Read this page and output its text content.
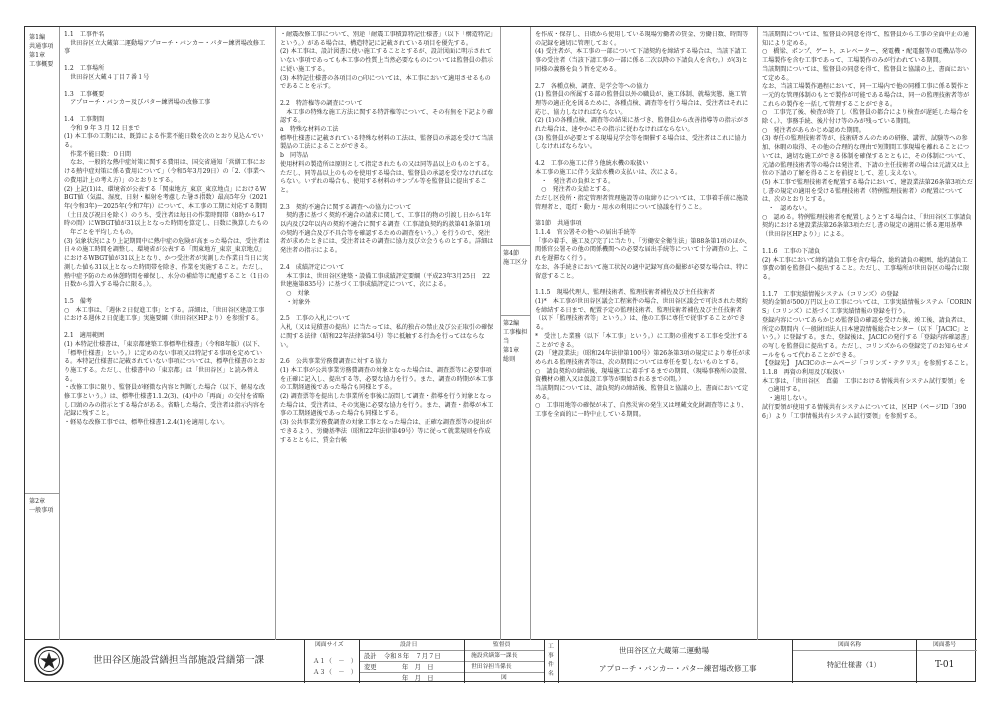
第1編
共通事項
第1章
工事概要
第2章
一般事項
第4節
施工区分
第2編
工事権担
当
第1章
総則
1.1　工事件名
　世田谷区立大蔵第二運動場アプローチ・バンカー・パター練習場改修工事
1.2　工事場所
　世田谷区大蔵４丁目７番１号
1.3　工事概要
　アプローチ・バンカー及びパター練習場の改修工事
1.4　工事期間
　令和 9 年 3 月 12 日まで
(1) 本工事の工期には、既算による作業不能日数を次のとおり見込んでいる。
　作業不能日数：０日間
　なお、一般的な熱中症対策に関する費用は、国交省通知「営繕工事における熱中症対策に係る費用について」（令和5年3月29日）の「2.（事業への費用計上の考え方）」のとおりとする。
(2) 上記(1)は、環境省が公表する「関東地方_東京_東京地点」におけるWBGT値（気温、湿度、日射・輻射を考慮した暑さ指数）最高5年分（2021年(令和3年)～2025年(令和7年)）について、本工事の工期に対応する期間（土日及び祝日を除く）のうち、受注者は毎日の作業時間帯（8時から17時の間）にWBGT値が31以上となった時間を算定し、日数に換算したもの
　年ごとを平均したもの。
(3) 気象状況により上記期間中に熱中症の危険が高まった場合は、受注者は日々の施工時間を調整し、環境省が公表する「関東地方_東京_東京地点」におけるWBGT値が31以上となり、かつ受注者が実測した作業日当日に実測した値も31以上となった時間帯を除き、作業を実施すること。ただし、熱中症予防のため休憩時間を確保し、水分の補給等に配慮すること（1日の日数から算入する場合に限る。）。
1.5　備考
○　本工事は、「週休２日促進工事」とする。詳細は、「世田谷区建設工事における週休２日促進工事」実施要綱（世田谷区HPより）を参照する。
2.1　適用範囲
(1) 本特記仕様書は、「東京都建築工事標準仕様書」（令和8年版）(以下、「標準仕様書」という。）に定めのない事項又は特記する事項を定めている。本特記仕様書に記載されていない事項については、標準仕様書のとおり施工する。ただし、仕様書中の「東京都」は「世田谷区」と読み替える。
・改修工事に限り、監督員が軽微な内容と判断した場合（以下、軽易な改修工事という。）は、標準仕様書1.1.2(3)、(4)中の「再面」の交付を省略し口頭のみの指示とする場合がある。省略した場合、受注者は指示内容を記録に残すこと。
・軽易な改修工事では、標準仕様書1.2.4(1)を適用しない。
・耐震改修工事について、別途「耐震工事積算特記仕様書」（以下「構造特記」という。）がある場合は、構造特記に記載されている項目を優先する。
(2) 本工事は、設計図書に使い施工することとするが、設計図面に明示されていない事項であっても本工事の性質上当然必要なものについては監督員の指示に従い施工する。
(3) 本特記仕様書の各項目の○印については、本工事において適用させるものであることを示す。
2.2　特許権等の調査について
　本工事の特殊な施工方法に関する特許権等について、その有無を下記より確認する。
a　特殊な材料の工法
標準仕様書に記載されている特殊な材料の工法は、監督員の承認を受けて当該製品の工法によることができる。
b　同等品
使用材料の製造所は原則として指定されたもの又は同等品以上のものとする。ただし、同等品以上のものを使用する場合は、監督員の承認を受けなければならない。いずれの場合も、使用する材料のサンプル等を監督員に提出すること。
2.3　契約不適合に関する調査への協力について
　契約書に基づく契約不適合の請求に関して、工事目的物の引渡し日から1年以内及び2年以内の契約不適合に関する調査（工事請負契約約款第41条第1項の契約不適合及び不具合等を確認するための調査をいう。）を行うので、発注者が求めたときには、受注者はその調査に協力及び立会うものとする。詳細は発注者の指示による。
2.4　成績評定について
　本工事は、世田谷区建築・設備工事成績評定要綱（平成23年3月25日　22世建施第835号）に基づく工事成績評定について、次による。
　○　対象
　・対象外
2.5　工事の入札について
入札（又は見積書の提出）に当たっては、私的独占の禁止及び公正取引の確保に関する法律（昭和22年法律第54号）等に抵触する行為を行ってはならない。
2.6　公共事業労務費調査に対する協力
(1) 本工事が公共事業労務費調査の対象となった場合は、調査票等に必要事項を正確に記入し、提出する等、必要な協力を行う。また、調査の時期が本工事の工期経過後であった場合も同様とする。
(2) 調査票等を提出した事業所を事後に訪問して調査・指導を行う対象となった場合は、受注者は、その実施に必要な協力を行う。また、調査・指導が本工事の工期経過後であった場合も同様とする。
(3) 公共事業労務費調査の対象工事となった場合は、正確な調査票等の提出ができるよう、労働基準法（昭和22年法律第49号）等に従って就業規則を作成するとともに、賃金台帳
を作成・保存し、日頃から使用している現場労働者の賃金、労働日数、時間等の記録を適切に管理しておく。
(4) 受注者が、本工事の一部について下請契約を締結する場合は、当該下請工事の受注者（当該下請工事の一部に係る二次以降の下請負人を含む。）が(3)と同様の義務を負う旨を定める。
2.7　各種点検、調査、是学会等への協力
(1) 監督員の所属する部の監督員以外の職員が、施工体制、就場実態、施工管理等の適正化を図るために、各種点検、調査等を行う場合は、受注者はそれに応じ、協力しなければならない。
(2) (1)の各種点検、調査等の結果に基づき、監督員から改善指導等の指示がされた場合は、速やかにその指示に従わなければならない。
(3) 監督員が必要とする現場見学会等を開催する場合は、受注者はこれに協力しなければならない。
4.2　工事の施工に伴う他統水機の取扱い
本工事の施工に伴う支給水機の支払いは、次による。
　・　発注者の負担とする。
　○　発注者の支給とする。
ただし区役所・指定管理者管理施設等の取締りについては、工事着手前に施設管理者と、電灯・動力・用水の利用について協議を行うこと。
第1節　共通事項
1.1.4　官公署その他への届出手続等
「事の着手、施工及び完了に当たり、「労働安全衛生法」第88条第1項のほか、関係官公署その他の関係機関への必要な届出手続等について十分調査の上、これを遅滞なく行う。
なお、各手続きにおいて施工状況の適中記録写真の撮影が必要な場合は、特に留意すること。
1.1.5　現場代理人、監理技術者、監理技術者補佐及び主任技術者
(1)*　本工事が世田谷区議会工程案件の場合、世田谷区議会で可決された契約を締結する日まで、配置予定の監理技術者、監理技術者補佐及び主任技術者（以下「監理技術者等」という。）は、他の工事に専任で従事することができる。
*　受注した業務（以下「本工事」という。）に工期の重複する工事を受注することができる。
(2) 「建設業法」（昭和24年法律第100号）第26条第3項の規定により専任が求められる監理技術者等は、次の期間については専任を要しないものとする。
○　請負契約の締結後、現場施工に着手するまでの期間、（現場事務所の設置、資機材の搬入又は仮設工事等が開始されるまでの間。）
当該期間については、請負契約の締結後、監督員と協議の上、書面において定める。
○　工事用地等の確保が未了、自然災害の発生又は埋蔵文化財調査等により、工事を全面的に一時中止している期間。
当該期間については、監督員の同意を得て、監督員から工事の全面中止の通知により定める。
○　橋梁、ポンプ、ゲート、エレベーター、発電機・配電盤等の電機品等の工場製作を含む工事であって、工場製作のみが行われている期間。
当該期間については、監督員の同意を得て、監督員と協議の上、書面において定める。
なお、当該工場製作過程において、同一工場内で他の同種工事に係る製作と一元的な管理体制のもとで製作が可能である場合は、同一の監理技術者等がこれらの製作を一括して管理することができる。
○　工事完了後、検査が終了し（監督員の都合により検査が遅延した場合を除く。）、事務手続、後片付け等のみが残っている期間。
○　発注者があらかじめ認めた期間。
(3) 専任の監理技術者等が、技術研さんのための研修、講習、試験等への参加、休暇の取得、その他の合理的な理由で短期間工事現場を離れることについては、適切な施工ができる体制を確保するとともに、その体制について、元請の監理技術者等の場合は発注者、下請の主任技術者の場合は元請又は上位の下請の了解を得ることを前提として、差し支えない。
(5) 本工事で監理技術者を配置する場合において、建設業法第26条第3項ただし書の規定の適用を受ける監理技術者（特例監理技術者）の配置については、次のとおりとする。
　・　認めない。
○　認める。特例監理技術者を配置しようとする場合は、「世田谷区工事請負契約における建設業法第26条第3項ただし書の規定の適用に係る運用基準（世田谷区HPより）」による。
1.1.6　工事の下請負
(2) 本工事において締約請負工事を含む場合、総約請負の範囲、総約請負工事費の額を監督員へ提出すること。ただし、工事場所が世田谷区の場合に限る。
1.1.7　工事実績情報システム（コリンズ）の登録
契約金額が500万円以上の工事については、工事実績情報システム「CORINS」（コリンズ）に基づく工事実績情報の登録を行う。
登録内容についてあらかじめ監督員の確認を受けた後、竣工後、請負者は、所定の期間内（一般財団法人日本建設情報総合センター（以下「JACIC」という。）に登録する。また、登録後は、JACICの発行する「登録内容確認書」の写しを監督員に提出する。ただし、コリンズからの登録完了のお知らせメールをもって代わることができる。
【登録先】　JACICのホームページ「コリンズ・テクリス」を参照すること。
1.1.8　再資の利用及び取扱い
本工事は、「世田谷区　菖蒲　工事における情報共有システム試行要領」を
　○適用する。
　・適用しない。
試行要領が使用する情報共有システムについては、区HP（ページID「3906」）より「工事情報共有システム試行要領」を参照する。
世田谷区施設営繕担当部施設営繕第一課
図面サイズ
Ａ１（　－　）
Ａ３（　－　）
設計日
設計 令和８年　７月７日
変更	年　月　日
年　月　日
監督員
施設営繕第一課長
世田谷担当係長
図
工事件名
世田谷区立大蔵第二運動場
アプローチ・バンカー・パター練習場改修工事
図面名称
特記仕様書（1）
図面番号
T-01
